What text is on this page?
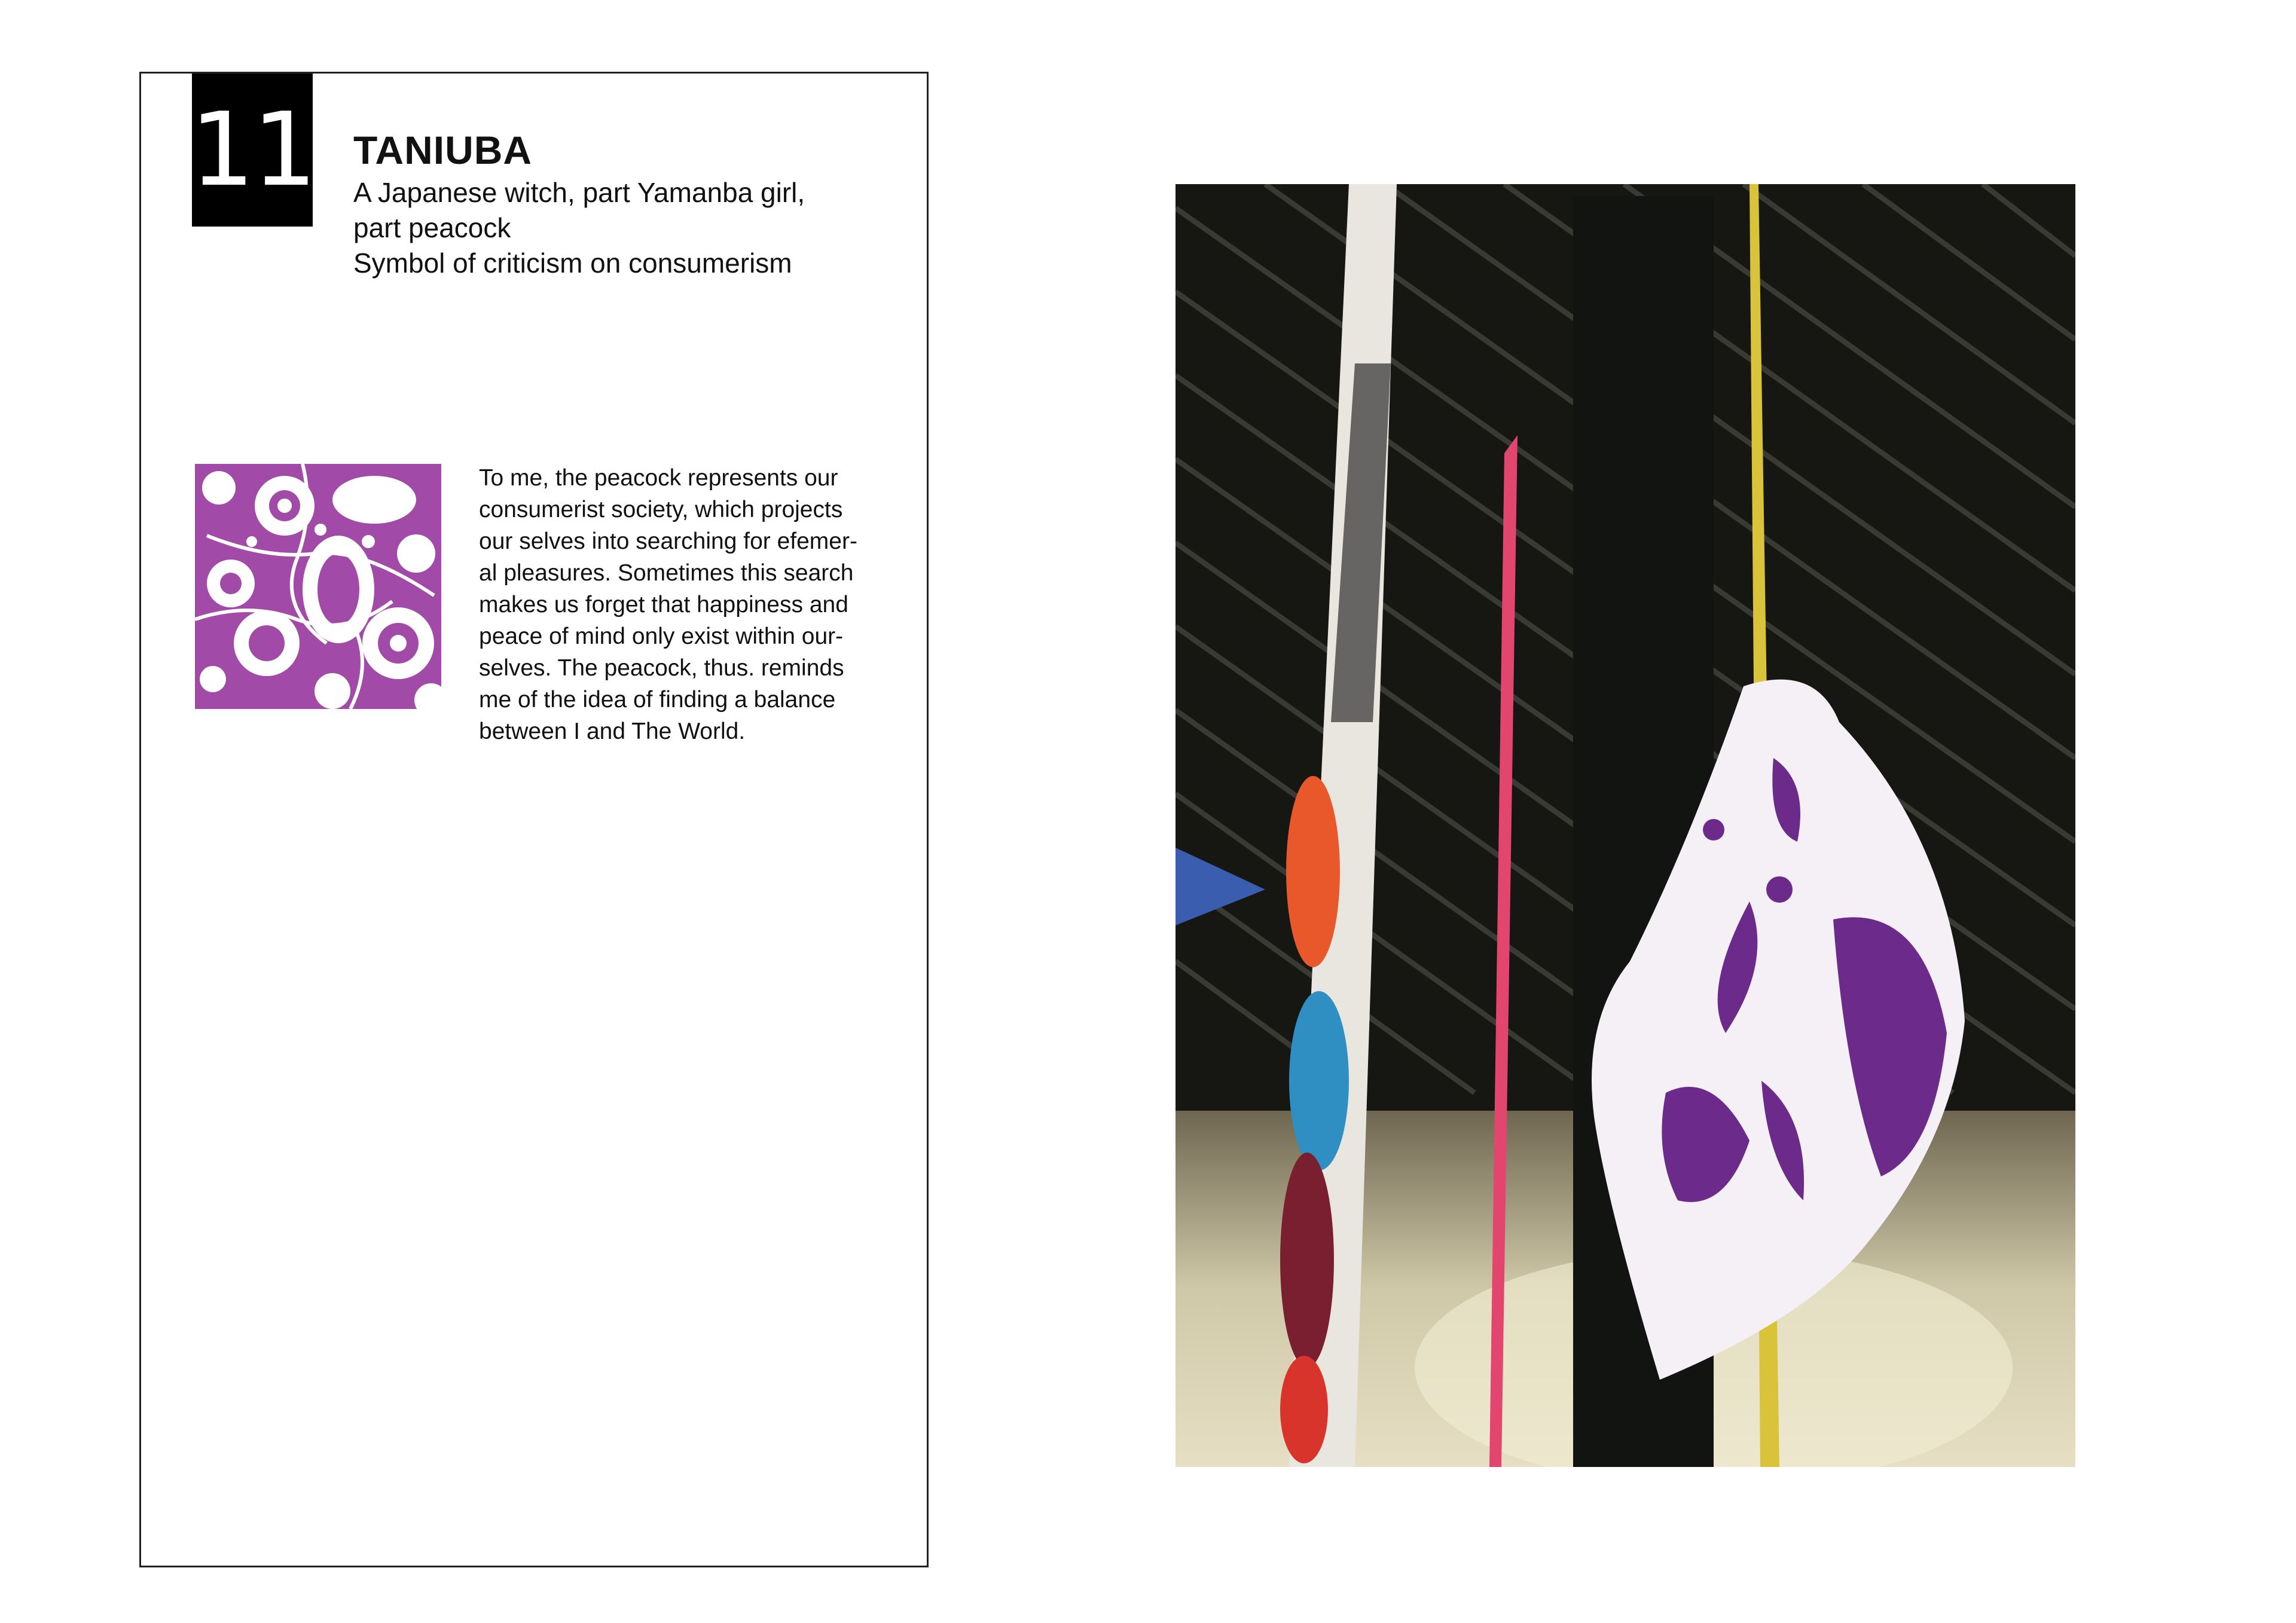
11 TANIUBA
A Japanese witch, part Yamanba girl,
part peacock
Symbol of criticism on consumerism
To me, the peacock represents our
consumerist society, which projects
our selves into searching for efemer-
al pleasures. Sometimes this search
makes us forget that happiness and
peace of mind only exist within our-
selves. The peacock, thus. reminds
me of the idea of finding a balance
between I and The World.
